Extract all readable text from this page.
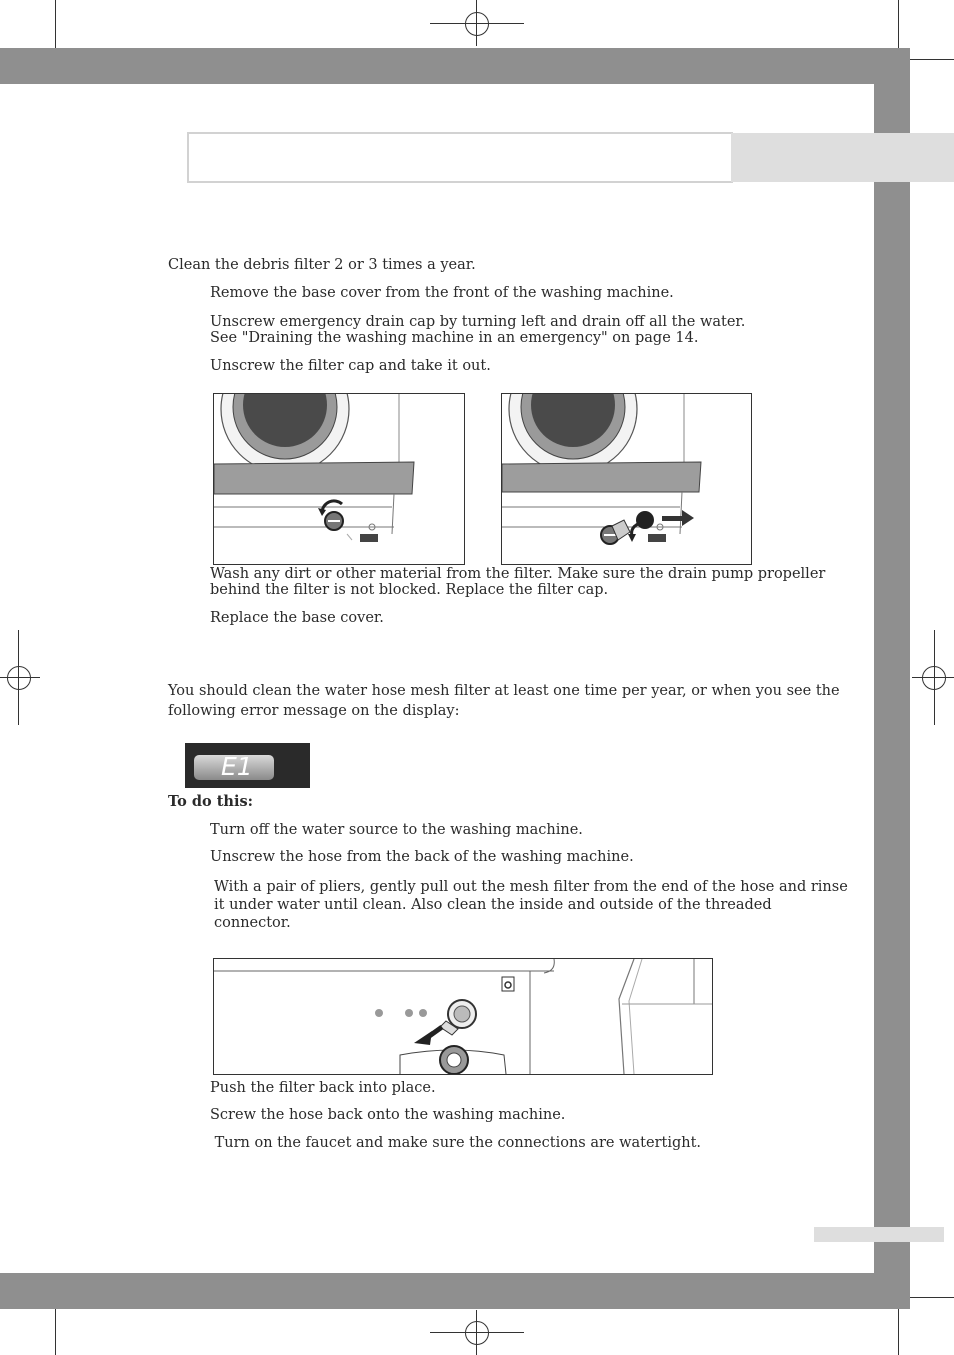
Clean the debris filter 2 or 3 times a year.
Remove the base cover from the front of the washing machine.
Unscrew emergency drain cap by turning left and drain off all the water.
See "Draining the washing machine in an emergency" on page 14.
Unscrew the filter cap and take it out.
Wash any dirt or other material from the filter. Make sure the drain pump propeller
behind the filter is not blocked. Replace the filter cap.
Replace the base cover.
You should clean the water hose mesh filter at least one time per year, or when you see the
following error message on the display:
E1
To do this:
Turn off the water source to the washing machine.
Unscrew the hose from the back of the washing machine.
With a pair of pliers, gently pull out the mesh filter from the end of the hose and rinse
it under water until clean. Also clean the inside and outside of the threaded
connector.
Push the filter back into place.
Screw the hose back onto the washing machine.
Turn on the faucet and make sure the connections are watertight.
